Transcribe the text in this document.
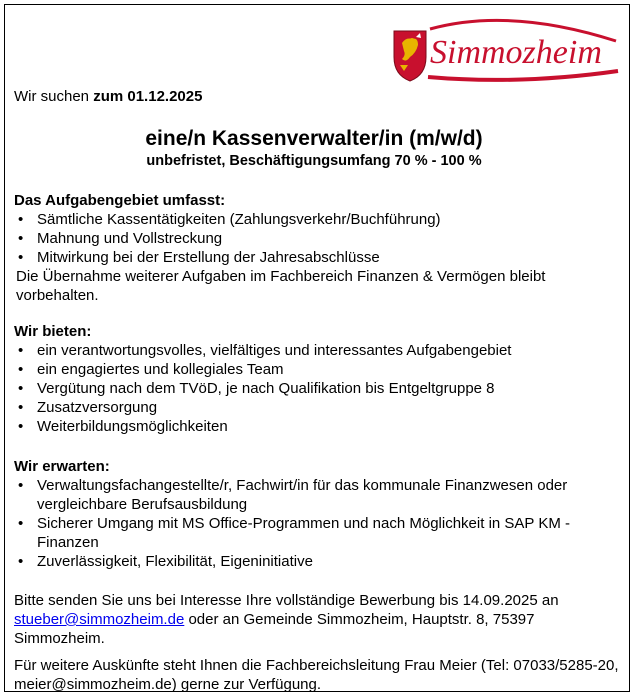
Simmozheim
Wir suchen zum 01.12.2025
eine/n Kassenverwalter/in (m/w/d)
unbefristet, Beschäftigungsumfang 70 % - 100 %

Das Aufgabengebiet umfasst:

• Sämtliche Kassentätigkeiten (Zahlungsverkehr/Buchführung)
• Mahnung und Vollstreckung
• Mitwirkung bei der Erstellung der Jahresabschlüsse

Die Übernahme weiterer Aufgaben im Fachbereich Finanzen & Vermögen bleibt vorbehalten.

Wir bieten:

• ein verantwortungsvolles, vielfältiges und interessantes Aufgabengebiet
• ein engagiertes und kollegiales Team
• Vergütung nach dem TVöD, je nach Qualifikation bis Entgeltgruppe 8
• Zusatzversorgung
• Weiterbildungsmöglichkeiten

Wir erwarten:

• Verwaltungsfachangestellte/r, Fachwirt/in für das kommunale Finanzwesen oder vergleichbare Berufsausbildung
• Sicherer Umgang mit MS Office-Programmen und nach Möglichkeit in SAP KM - Finanzen
• Zuverlässigkeit, Flexibilität, Eigeninitiative

Bitte senden Sie uns bei Interesse Ihre vollständige Bewerbung bis 14.09.2025 an stueber@simmozheim.de oder an Gemeinde Simmozheim, Hauptstr. 8, 75397 Simmozheim.

Für weitere Auskünfte steht Ihnen die Fachbereichsleitung Frau Meier (Tel: 07033/5285-20, meier@simmozheim.de) gerne zur Verfügung.
